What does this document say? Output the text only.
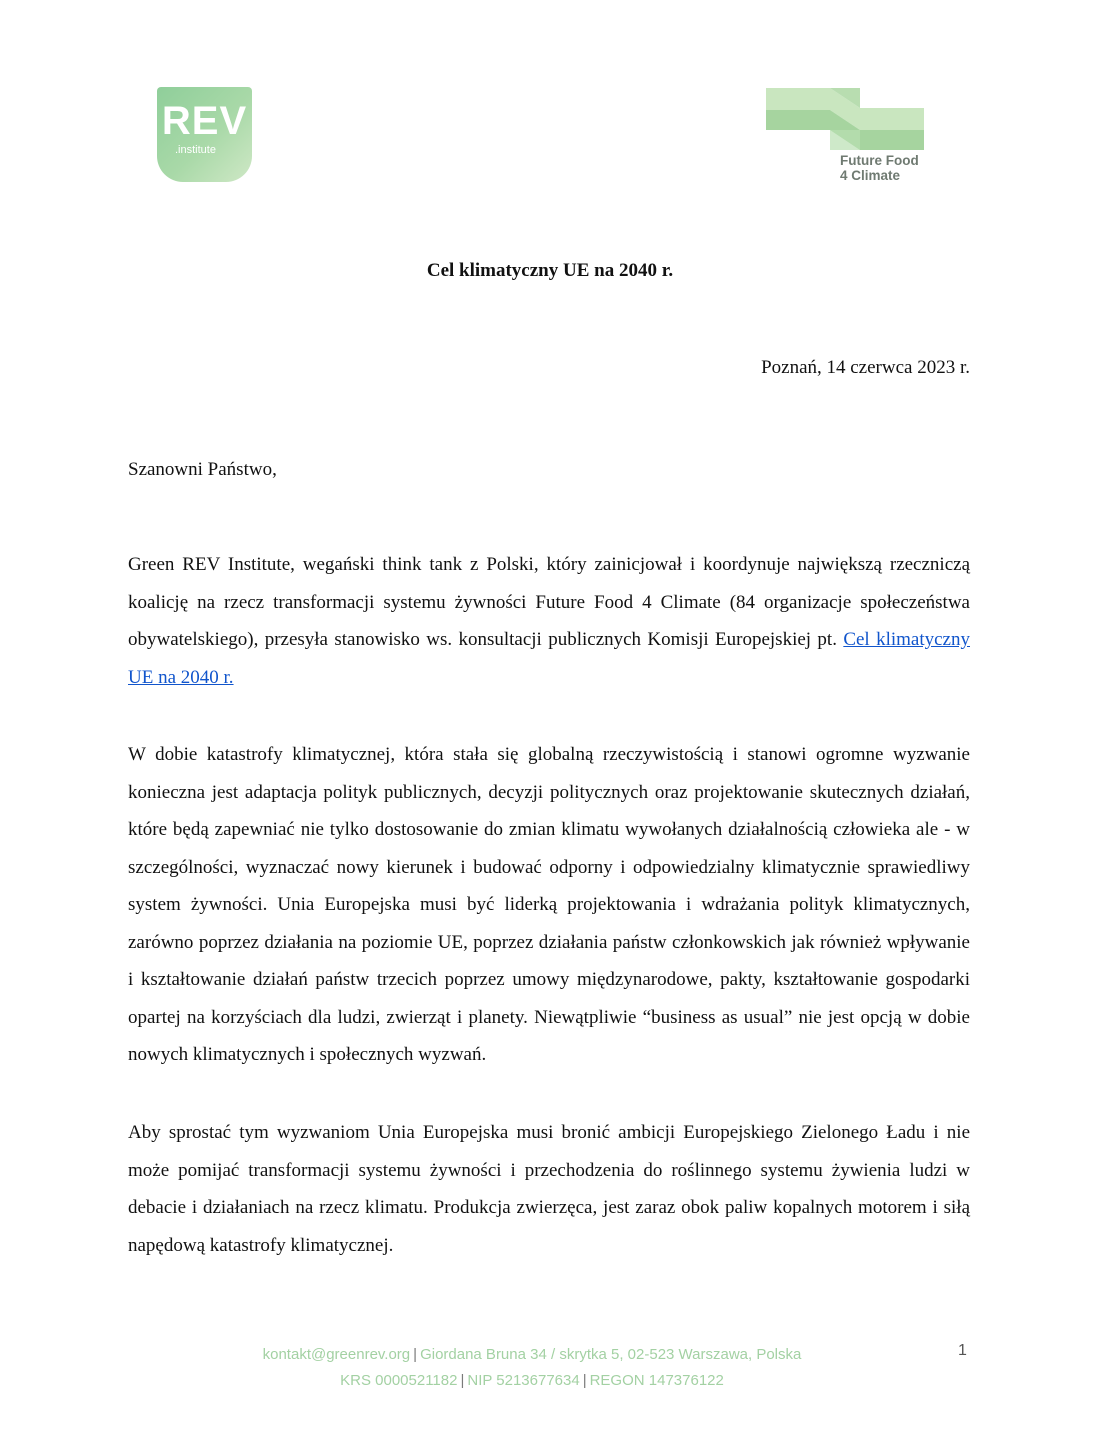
REV
.institute
Future Food
4 Climate
Cel klimatyczny UE na 2040 r.
Poznań, 14 czerwca 2023 r.
Szanowni Państwo,

Green REV Institute, wegański think tank z Polski, który zainicjował i koordynuje największą rzeczniczą koalicję na rzecz transformacji systemu żywności Future Food 4 Climate (84 organizacje społeczeństwa obywatelskiego), przesyła stanowisko ws. konsultacji publicznych Komisji Europejskiej pt. Cel klimatyczny UE na 2040 r.

W dobie katastrofy klimatycznej, która stała się globalną rzeczywistością i stanowi ogromne wyzwanie konieczna jest adaptacja polityk publicznych, decyzji politycznych oraz projektowanie skutecznych działań, które będą zapewniać nie tylko dostosowanie do zmian klimatu wywołanych działalnością człowieka ale - w szczególności, wyznaczać nowy kierunek i budować odporny i odpowiedzialny klimatycznie sprawiedliwy system żywności. Unia Europejska musi być liderką projektowania i wdrażania polityk klimatycznych, zarówno poprzez działania na poziomie UE, poprzez działania państw członkowskich jak również wpływanie i kształtowanie działań państw trzecich poprzez umowy międzynarodowe, pakty, kształtowanie gospodarki opartej na korzyściach dla ludzi, zwierząt i planety. Niewątpliwie “business as usual” nie jest opcją w dobie nowych klimatycznych i społecznych wyzwań.

Aby sprostać tym wyzwaniom Unia Europejska musi bronić ambicji Europejskiego Zielonego Ładu i nie może pomijać transformacji systemu żywności i przechodzenia do roślinnego systemu żywienia ludzi w debacie i działaniach na rzecz klimatu. Produkcja zwierzęca, jest zaraz obok paliw kopalnych motorem i siłą napędową katastrofy klimatycznej.

kontakt@greenrev.org | Giordana Bruna 34 / skrytka 5, 02-523 Warszawa, Polska
KRS 0000521182 | NIP 5213677634 | REGON 147376122
1
